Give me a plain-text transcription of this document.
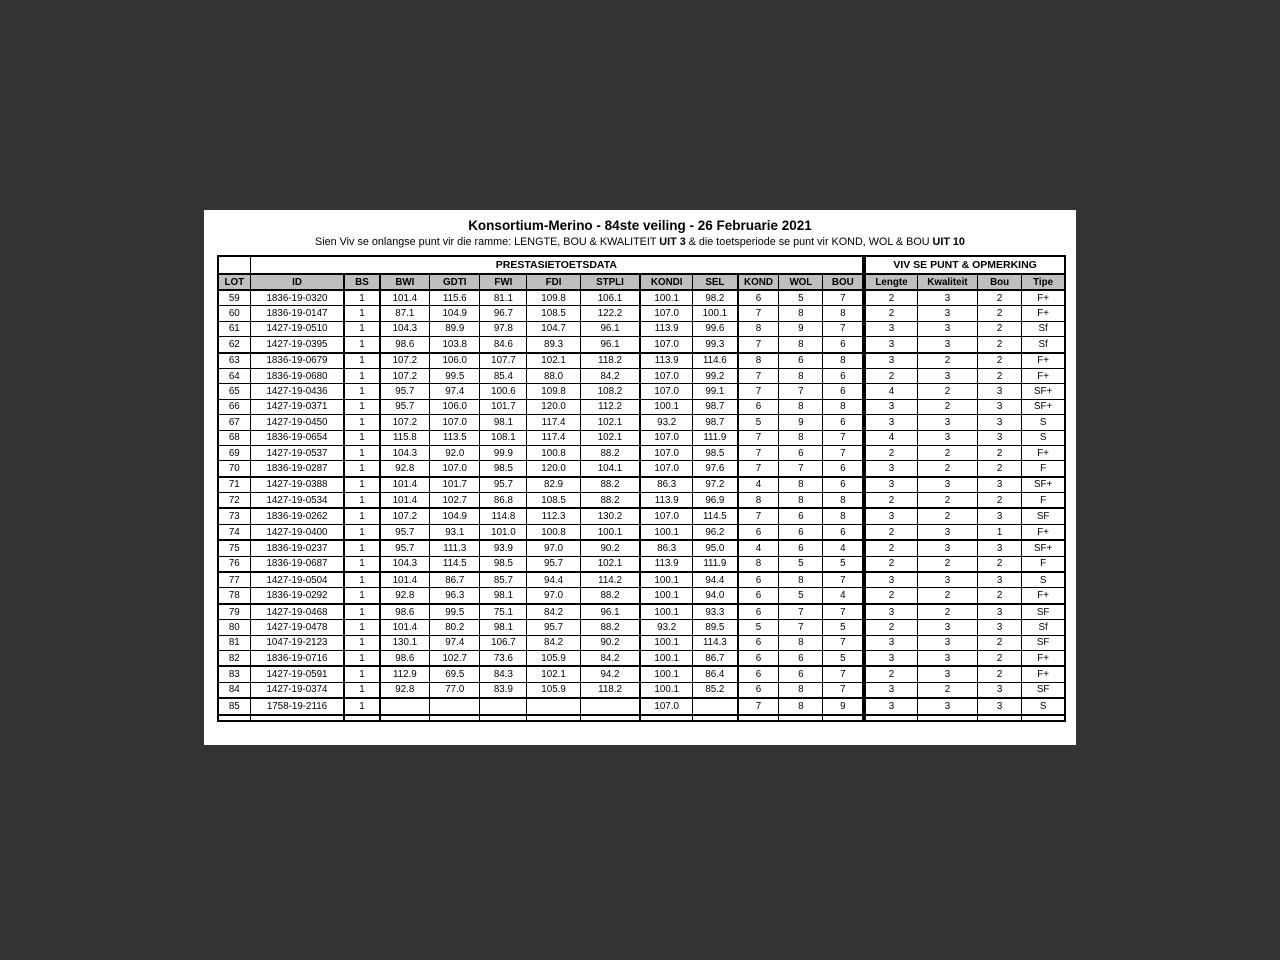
Konsortium-Merino - 84ste veiling - 26 Februarie 2021
Sien Viv se onlangse punt vir die ramme: LENGTE, BOU & KWALITEIT UIT 3 & die toetsperiode se punt vir KOND, WOL & BOU UIT 10
	PRESTASIETOETSDATA												VIV SE PUNT & OPMERKING			
LOT	ID	BS	BWI	GDTI	FWI	FDI	STPLI	KONDI	SEL	KOND	WOL	BOU	Lengte	Kwaliteit	Bou	Tipe
59	1836-19-0320	1	101.4	115.6	81.1	109.8	106.1	100.1	98.2	6	5	7	2	3	2	F+
60	1836-19-0147	1	87.1	104.9	96.7	108.5	122.2	107.0	100.1	7	8	8	2	3	2	F+
61	1427-19-0510	1	104.3	89.9	97.8	104.7	96.1	113.9	99.6	8	9	7	3	3	2	Sf
62	1427-19-0395	1	98.6	103.8	84.6	89.3	96.1	107.0	99.3	7	8	6	3	3	2	Sf
63	1836-19-0679	1	107.2	106.0	107.7	102.1	118.2	113.9	114.6	8	6	8	3	2	2	F+
64	1836-19-0680	1	107.2	99.5	85.4	88.0	84.2	107.0	99.2	7	8	6	2	3	2	F+
65	1427-19-0436	1	95.7	97.4	100.6	109.8	108.2	107.0	99.1	7	7	6	4	2	3	SF+
66	1427-19-0371	1	95.7	106.0	101.7	120.0	112.2	100.1	98.7	6	8	8	3	2	3	SF+
67	1427-19-0450	1	107.2	107.0	98.1	117.4	102.1	93.2	98.7	5	9	6	3	3	3	S
68	1836-19-0654	1	115.8	113.5	108.1	117.4	102.1	107.0	111.9	7	8	7	4	3	3	S
69	1427-19-0537	1	104.3	92.0	99.9	100.8	88.2	107.0	98.5	7	6	7	2	2	2	F+
70	1836-19-0287	1	92.8	107.0	98.5	120.0	104.1	107.0	97.6	7	7	6	3	2	2	F
71	1427-19-0388	1	101.4	101.7	95.7	82.9	88.2	86.3	97.2	4	8	6	3	3	3	SF+
72	1427-19-0534	1	101.4	102.7	86.8	108.5	88.2	113.9	96.9	8	8	8	2	2	2	F
73	1836-19-0262	1	107.2	104.9	114.8	112.3	130.2	107.0	114.5	7	6	8	3	2	3	SF
74	1427-19-0400	1	95.7	93.1	101.0	100.8	100.1	100.1	96.2	6	6	6	2	3	1	F+
75	1836-19-0237	1	95.7	111.3	93.9	97.0	90.2	86.3	95.0	4	6	4	2	3	3	SF+
76	1836-19-0687	1	104.3	114.5	98.5	95.7	102.1	113.9	111.9	8	5	5	2	2	2	F
77	1427-19-0504	1	101.4	86.7	85.7	94.4	114.2	100.1	94.4	6	8	7	3	3	3	S
78	1836-19-0292	1	92.8	96.3	98.1	97.0	88.2	100.1	94.0	6	5	4	2	2	2	F+
79	1427-19-0468	1	98.6	99.5	75.1	84.2	96.1	100.1	93.3	6	7	7	3	2	3	SF
80	1427-19-0478	1	101.4	80.2	98.1	95.7	88.2	93.2	89.5	5	7	5	2	3	3	Sf
81	1047-19-2123	1	130.1	97.4	106.7	84.2	90.2	100.1	114.3	6	8	7	3	3	2	SF
82	1836-19-0716	1	98.6	102.7	73.6	105.9	84.2	100.1	86.7	6	6	5	3	3	2	F+
83	1427-19-0591	1	112.9	69.5	84.3	102.1	94.2	100.1	86.4	6	6	7	2	3	2	F+
84	1427-19-0374	1	92.8	77.0	83.9	105.9	118.2	100.1	85.2	6	8	7	3	2	3	SF
85	1758-19-2116	1						107.0		7	8	9	3	3	3	S
